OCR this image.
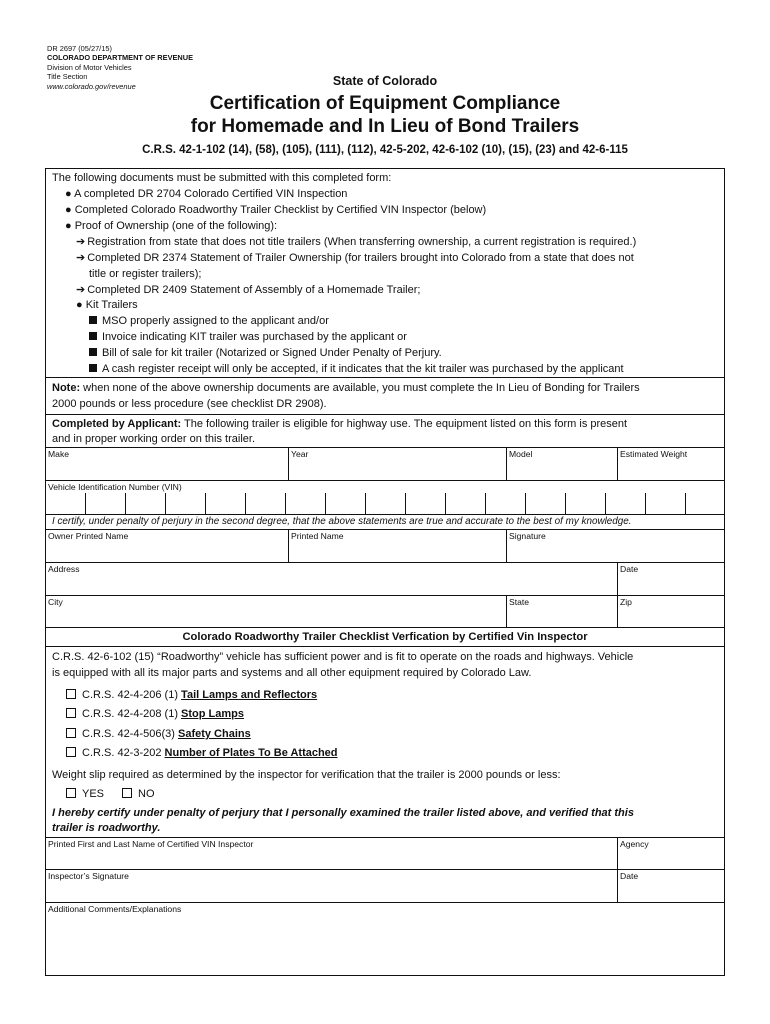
DR 2697 (05/27/15)
COLORADO DEPARTMENT OF REVENUE
Division of Motor Vehicles
Title Section
www.colorado.gov/revenue	State of Colorado
Certification of Equipment Compliance
for Homemade and In Lieu of Bond Trailers
C.R.S. 42-1-102 (14), (58), (105), (111), (112), 42-5-202, 42-6-102 (10), (15), (23) and 42-6-115
The following documents must be submitted with this completed form:
● A completed DR 2704 Colorado Certified VIN Inspection
● Completed Colorado Roadworthy Trailer Checklist by Certified VIN Inspector (below)
● Proof of Ownership (one of the following):
➔ Registration from state that does not title trailers (When transferring ownership, a current registration is required.)
➔ Completed DR 2374 Statement of Trailer Ownership (for trailers brought into Colorado from a state that does not
title or register trailers);
➔ Completed DR 2409 Statement of Assembly of a Homemade Trailer;
● Kit Trailers
MSO properly assigned to the applicant and/or
Invoice indicating KIT trailer was purchased by the applicant or
Bill of sale for kit trailer (Notarized or Signed Under Penalty of Perjury.
A cash register receipt will only be accepted, if it indicates that the kit trailer was purchased by the applicant
Note: when none of the above ownership documents are available, you must complete the In Lieu of Bonding for Trailers
2000 pounds or less procedure (see checklist DR 2908).
Completed by Applicant: The following trailer is eligible for highway use. The equipment listed on this form is present
and in proper working order on this trailer.
Make	Year	Model	Estimated Weight
Vehicle Identification Number (VIN)
I certify, under penalty of perjury in the second degree, that the above statements are true and accurate to the best of my knowledge.
Owner Printed Name	Printed Name	Signature
Address	Date
City	State	Zip
Colorado Roadworthy Trailer Checklist Verfication by Certified Vin Inspector
C.R.S. 42-6-102 (15) “Roadworthy” vehicle has sufficient power and is fit to operate on the roads and highways. Vehicle
is equipped with all its major parts and systems and all other equipment required by Colorado Law.
C.R.S. 42-4-206 (1) Tail Lamps and Reflectors
C.R.S. 42-4-208 (1) Stop Lamps
C.R.S. 42-4-506(3) Safety Chains
C.R.S. 42-3-202 Number of Plates To Be Attached
Weight slip required as determined by the inspector for verification that the trailer is 2000 pounds or less:
YES	NO
I hereby certify under penalty of perjury that I personally examined the trailer listed above, and verified that this
trailer is roadworthy.
Printed First and Last Name of Certified VIN Inspector	Agency
Inspector’s Signature	Date
Additional Comments/Explanations
